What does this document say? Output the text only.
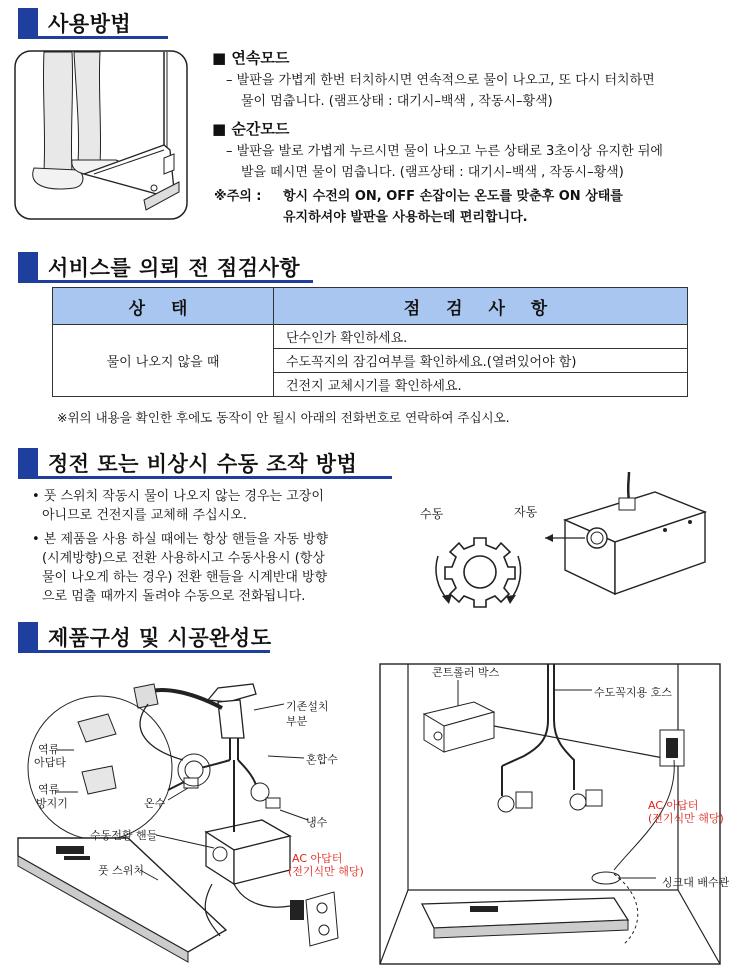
사용방법
■ 연속모드
– 발판을 가볍게 한번 터치하시면 연속적으로 물이 나오고, 또 다시 터치하면
물이 멈춥니다. (램프상태 : 대기시–백색 , 작동시–황색)
■ 순간모드
– 발판을 발로 가볍게 누르시면 물이 나오고 누른 상태로 3초이상 유지한 뒤에
발을 떼시면 물이 멈춥니다. (램프상태 : 대기시–백색 , 작동시–황색)
※주의 : 항시 수전의 ON, OFF 손잡이는 온도를 맞춘후 ON 상태를
유지하셔야 발판을 사용하는데 편리합니다.
서비스를 의뢰 전 점검사항
상 태	점 검 사 항
물이 나오지 않을 때	단수인가 확인하세요.
	수도꼭지의 잠김여부를 확인하세요.(열려있어야 함)
	건전지 교체시기를 확인하세요.
※위의 내용을 확인한 후에도 동작이 안 될시 아래의 전화번호로 연락하여 주십시오.
정전 또는 비상시 수동 조작 방법
• 풋 스위치 작동시 물이 나오지 않는 경우는 고장이
아니므로 건전지를 교체해 주십시오.
• 본 제품을 사용 하실 때에는 항상 핸들을 자동 방향
(시계방향)으로 전환 사용하시고 수동사용시 (항상
물이 나오게 하는 경우) 전환 핸들을 시계반대 방향
으로 멈출 때까지 돌려야 수동으로 전화됩니다.
수동	자동
제품구성 및 시공완성도
기존설치
부분
혼합수
역류
아답타
역류
방지기	온수
냉수
수동전환 핸들
풋 스위치
AC 아답터
(전기식만 해당)
콘트롤러 박스
수도꼭지용 호스
AC 아답터
(전기식만 해당)
싱크대 배수관
